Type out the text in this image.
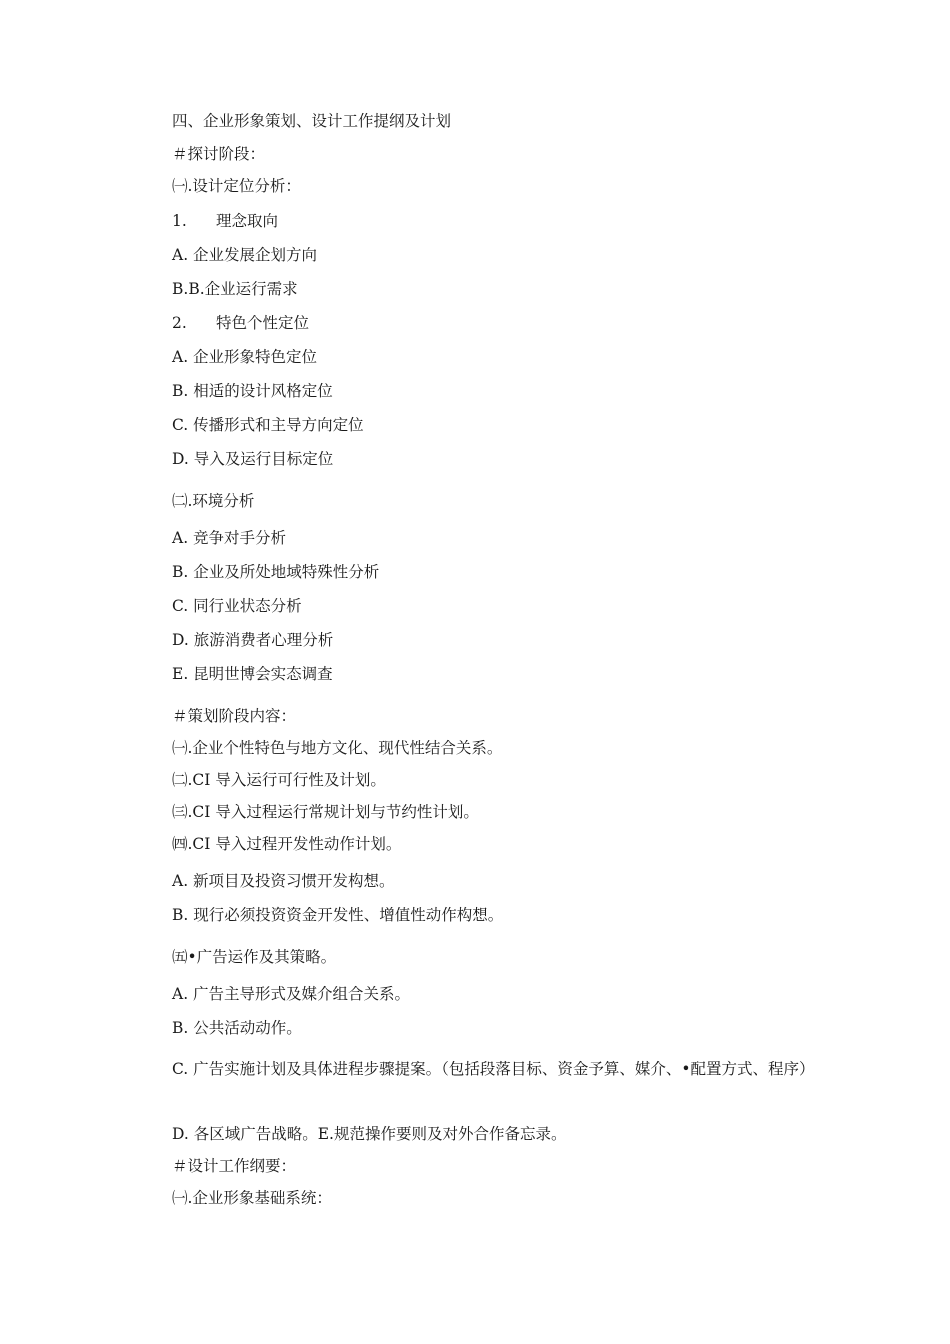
四、企业形象策划、设计工作提纲及计划
＃探讨阶段：
㈠.设计定位分析：
1. 理念取向
A. 企业发展企划方向
B.B.企业运行需求
2. 特色个性定位
A. 企业形象特色定位
B. 相适的设计风格定位
C. 传播形式和主导方向定位
D. 导入及运行目标定位
㈡.环境分析
A. 竞争对手分析
B. 企业及所处地域特殊性分析
C. 同行业状态分析
D. 旅游消费者心理分析
E. 昆明世博会实态调查
＃策划阶段内容：
㈠.企业个性特色与地方文化、现代性结合关系。
㈡.CI 导入运行可行性及计划。
㈢.CI 导入过程运行常规计划与节约性计划。
㈣.CI 导入过程开发性动作计划。
A. 新项目及投资习惯开发构想。
B. 现行必须投资资金开发性、增值性动作构想。
㈤•广告运作及其策略。
A. 广告主导形式及媒介组合关系。
B. 公共活动动作。
C. 广告实施计划及具体进程步骤提案。（包括段落目标、资金予算、媒介、•配置方式、程序）
D. 各区域广告战略。E.规范操作要则及对外合作备忘录。
＃设计工作纲要：
㈠.企业形象基础系统：
